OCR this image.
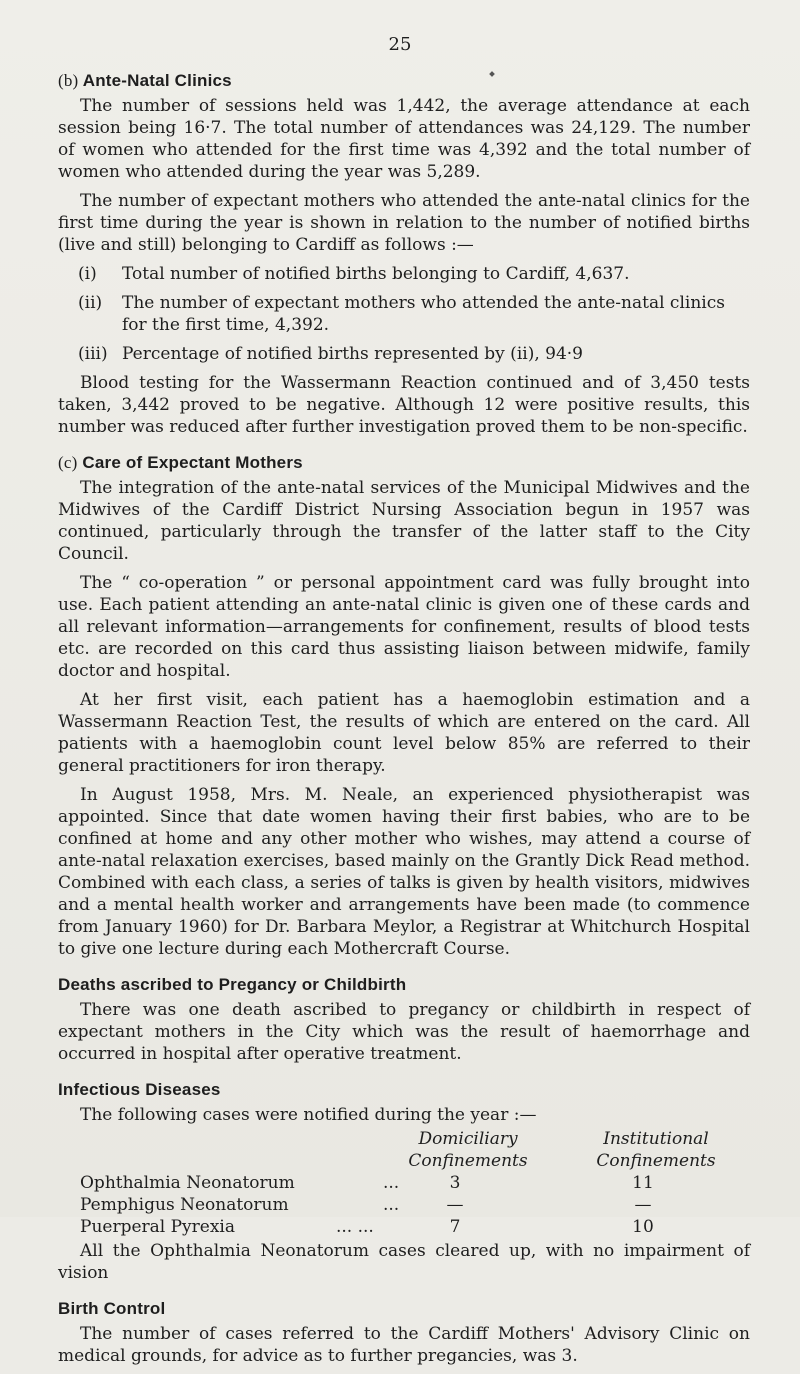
25
(b) Ante-Natal Clinics

The number of sessions held was 1,442, the average attendance at each session being 16·7. The total number of attendances was 24,129. The number of women who attended for the first time was 4,392 and the total number of women who attended during the year was 5,289.

The number of expectant mothers who attended the ante-natal clinics for the first time during the year is shown in relation to the number of notified births (live and still) belonging to Cardiff as follows :—

(i)	Total number of notified births belonging to Cardiff, 4,637.
(ii)	The number of expectant mothers who attended the ante-natal clinics for the first time, 4,392.
(iii) Percentage of notified births represented by (ii), 94·9

Blood testing for the Wassermann Reaction continued and of 3,450 tests taken, 3,442 proved to be negative. Although 12 were positive results, this number was reduced after further investigation proved them to be non-specific.

(c) Care of Expectant Mothers

The integration of the ante-natal services of the Municipal Midwives and the Midwives of the Cardiff District Nursing Association begun in 1957 was continued, particularly through the transfer of the latter staff to the City Council.

The “ co-operation ” or personal appointment card was fully brought into use. Each patient attending an ante-natal clinic is given one of these cards and all relevant information—arrangements for confinement, results of blood tests etc. are recorded on this card thus assisting liaison between midwife, family doctor and hospital.

At her first visit, each patient has a haemoglobin estimation and a Wassermann Reaction Test, the results of which are entered on the card. All patients with a haemoglobin count level below 85% are referred to their general practitioners for iron therapy.

In August 1958, Mrs. M. Neale, an experienced physiotherapist was appointed. Since that date women having their first babies, who are to be confined at home and any other mother who wishes, may attend a course of ante-natal relaxation exercises, based mainly on the Grantly Dick Read method. Combined with each class, a series of talks is given by health visitors, midwives and a mental health worker and arrangements have been made (to commence from January 1960) for Dr. Barbara Meylor, a Registrar at Whitchurch Hospital to give one lecture during each Mothercraft Course.

Deaths ascribed to Pregancy or Childbirth

There was one death ascribed to pregancy or childbirth in respect of expectant mothers in the City which was the result of haemorrhage and occurred in hospital after operative treatment.

Infectious Diseases

The following cases were notified during the year :—

Domiciliary
Confinements
Institutional
Confinements
Ophthalmia Neonatorum	...	3	11
Pemphigus Neonatorum	...	—	—
Puerperal Pyrexia	... ...	7	10

All the Ophthalmia Neonatorum cases cleared up, with no impairment of vision

Birth Control

The number of cases referred to the Cardiff Mothers' Advisory Clinic on medical grounds, for advice as to further pregancies, was 3.
